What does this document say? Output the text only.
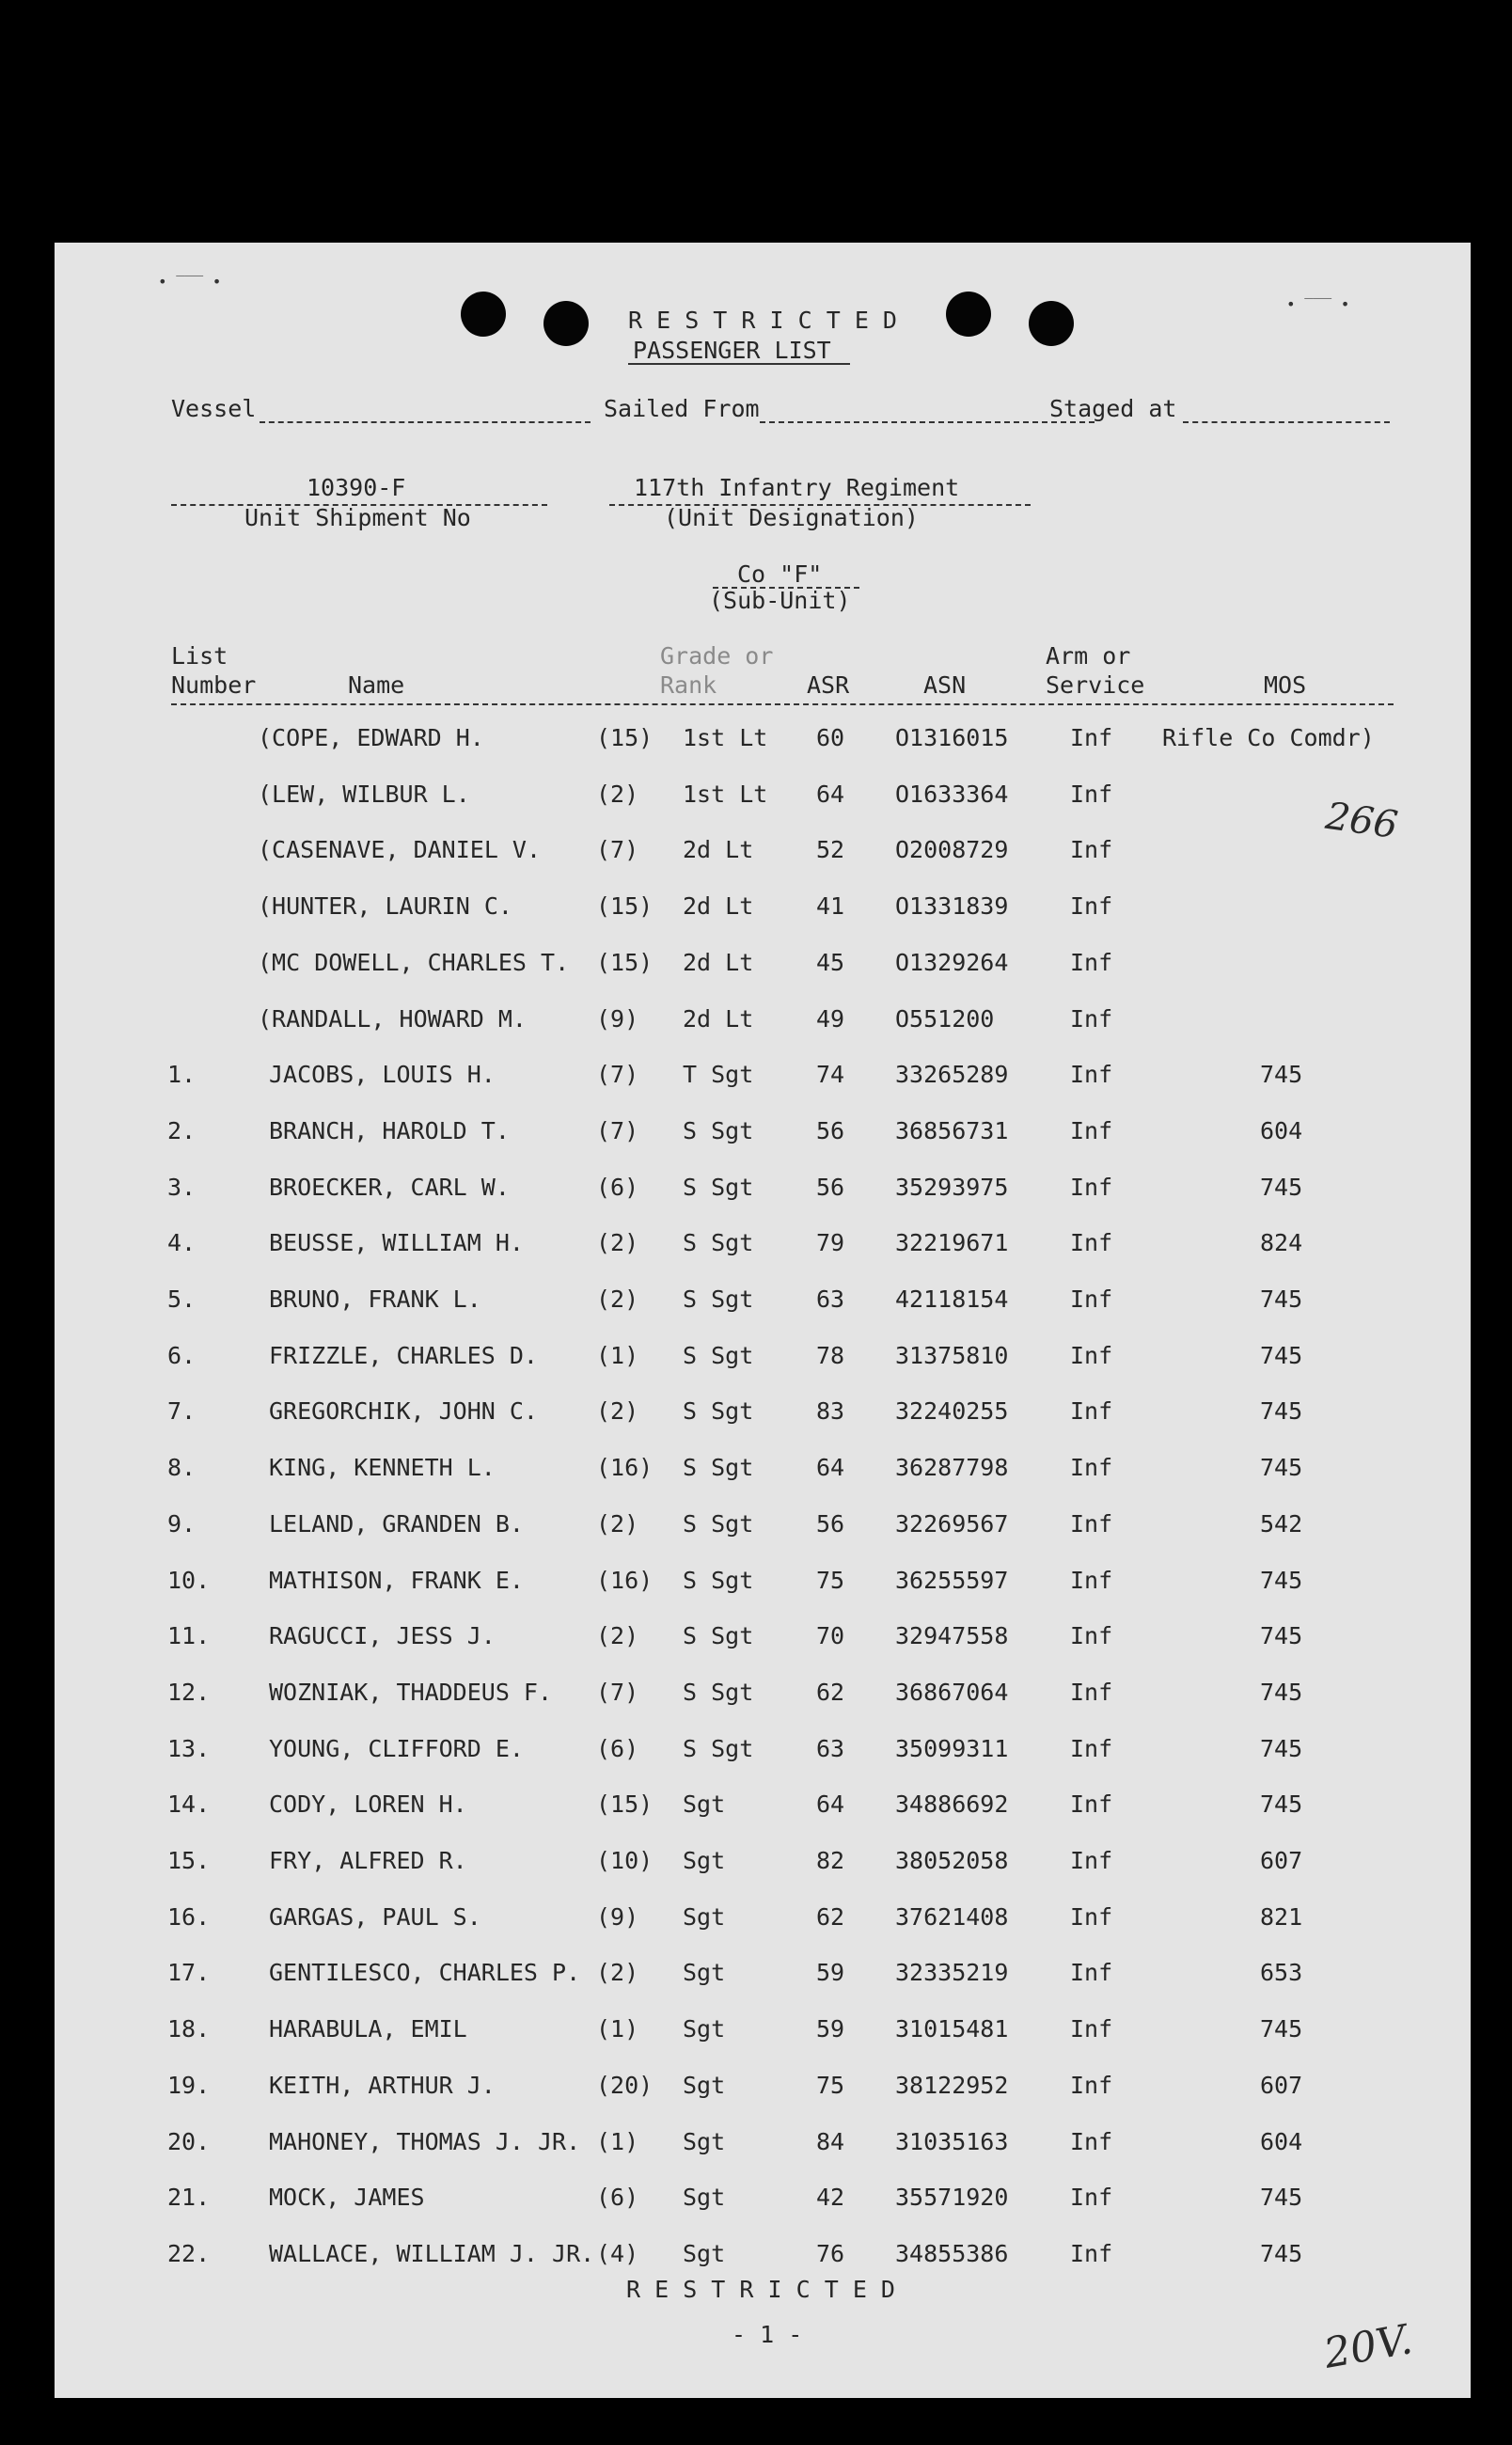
• ‾‾‾ •
• ‾‾‾ •
R E S T R I C T E D
PASSENGER LIST
Vessel	Sailed From	Staged at
10390-F
Unit Shipment No
117th Infantry Regiment
(Unit Designation)
Co "F"
(Sub-Unit)
List
Number	Name
Grade or
Rank	ASR	ASN
Arm or
Service	MOS
266
(COPE, EDWARD H.	(15) 1st Lt 60 O1316015	Inf Rifle Co Comdr)
(LEW, WILBUR L.	(2) 1st Lt 64 O1633364	Inf
(CASENAVE, DANIEL V. (7) 2d Lt	52 O2008729	Inf
(HUNTER, LAURIN C.	(15) 2d Lt	41 O1331839	Inf
(MC DOWELL, CHARLES T. (15) 2d Lt	45 O1329264	Inf
(RANDALL, HOWARD M.	(9) 2d Lt	49 O551200	Inf
1.	JACOBS, LOUIS H.	(7) T Sgt	74 33265289	Inf	745
2.	BRANCH, HAROLD T.	(7) S Sgt	56 36856731	Inf	604
3.	BROECKER, CARL W.	(6) S Sgt	56 35293975	Inf	745
4.	BEUSSE, WILLIAM H.	(2) S Sgt	79 32219671	Inf	824
5.	BRUNO, FRANK L.	(2) S Sgt	63 42118154	Inf	745
6.	FRIZZLE, CHARLES D. (1) S Sgt	78 31375810	Inf	745
7.	GREGORCHIK, JOHN C. (2) S Sgt	83 32240255	Inf	745
8.	KING, KENNETH L.	(16) S Sgt	64 36287798	Inf	745
9.	LELAND, GRANDEN B.	(2) S Sgt	56 32269567	Inf	542
10.	MATHISON, FRANK E.	(16) S Sgt	75 36255597	Inf	745
11.	RAGUCCI, JESS J.	(2) S Sgt	70 32947558	Inf	745
12.	WOZNIAK, THADDEUS F. (7) S Sgt	62 36867064	Inf	745
13.	YOUNG, CLIFFORD E.	(6) S Sgt	63 35099311	Inf	745
14.	CODY, LOREN H.	(15) Sgt	64 34886692	Inf	745
15.	FRY, ALFRED R.	(10) Sgt	82 38052058	Inf	607
16.	GARGAS, PAUL S.	(9) Sgt	62 37621408	Inf	821
17.	GENTILESCO, CHARLES P. (2) Sgt	59 32335219	Inf	653
18.	HARABULA, EMIL	(1) Sgt	59 31015481	Inf	745
19.	KEITH, ARTHUR J.	(20) Sgt	75 38122952	Inf	607
20.	MAHONEY, THOMAS J. JR. (1) Sgt	84 31035163	Inf	604
21.	MOCK, JAMES	(6) Sgt	42 35571920	Inf	745
22.	WALLACE, WILLIAM J. JR. (4) Sgt	76 34855386	Inf	745
R E S T R I C T E D
- 1 -	20V.
